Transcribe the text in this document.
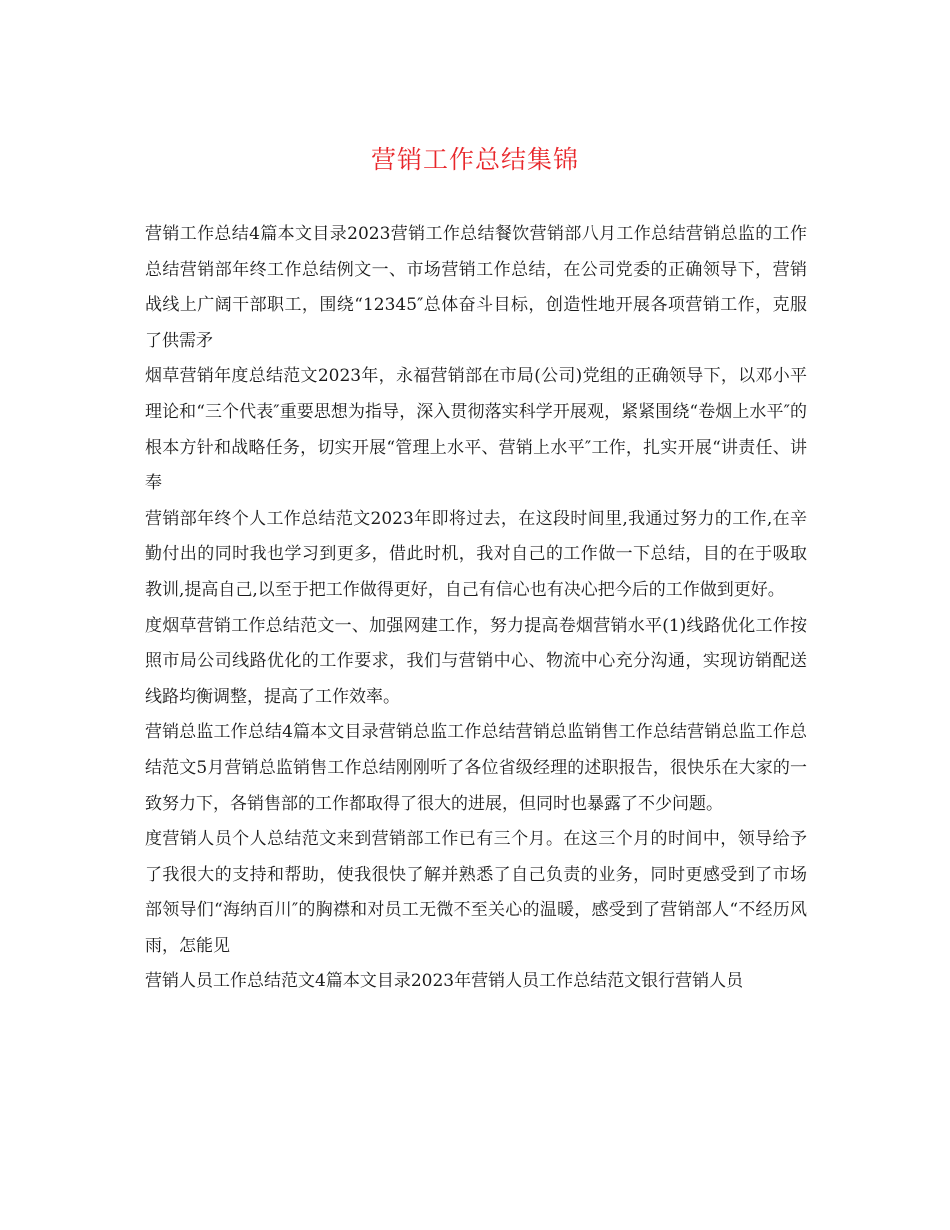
营销工作总结集锦

营销工作总结4篇本文目录2023营销工作总结餐饮营销部八月工作总结营销总监的工作总结营销部年终工作总结例文一、市场营销工作总结，在公司党委的正确领导下，营销战线上广阔干部职工，围绕“12345″总体奋斗目标，创造性地开展各项营销工作，克服了供需矛

烟草营销年度总结范文2023年，永福营销部在市局(公司)党组的正确领导下，以邓小平理论和“三个代表″重要思想为指导，深入贯彻落实科学开展观，紧紧围绕“卷烟上水平″的根本方针和战略任务，切实开展“管理上水平、营销上水平″工作，扎实开展“讲责任、讲奉

营销部年终个人工作总结范文2023年即将过去，在这段时间里,我通过努力的工作,在辛勤付出的同时我也学习到更多，借此时机，我对自己的工作做一下总结，目的在于吸取教训,提高自己,以至于把工作做得更好，自己有信心也有决心把今后的工作做到更好。

度烟草营销工作总结范文一、加强网建工作，努力提高卷烟营销水平(1)线路优化工作按照市局公司线路优化的工作要求，我们与营销中心、物流中心充分沟通，实现访销配送线路均衡调整，提高了工作效率。

营销总监工作总结4篇本文目录营销总监工作总结营销总监销售工作总结营销总监工作总结范文5月营销总监销售工作总结刚刚听了各位省级经理的述职报告，很快乐在大家的一致努力下，各销售部的工作都取得了很大的进展，但同时也暴露了不少问题。

度营销人员个人总结范文来到营销部工作已有三个月。在这三个月的时间中，领导给予了我很大的支持和帮助，使我很快了解并熟悉了自己负责的业务，同时更感受到了市场部领导们“海纳百川″的胸襟和对员工无微不至关心的温暖，感受到了营销部人“不经历风雨，怎能见

营销人员工作总结范文4篇本文目录2023年营销人员工作总结范文银行营销人员
